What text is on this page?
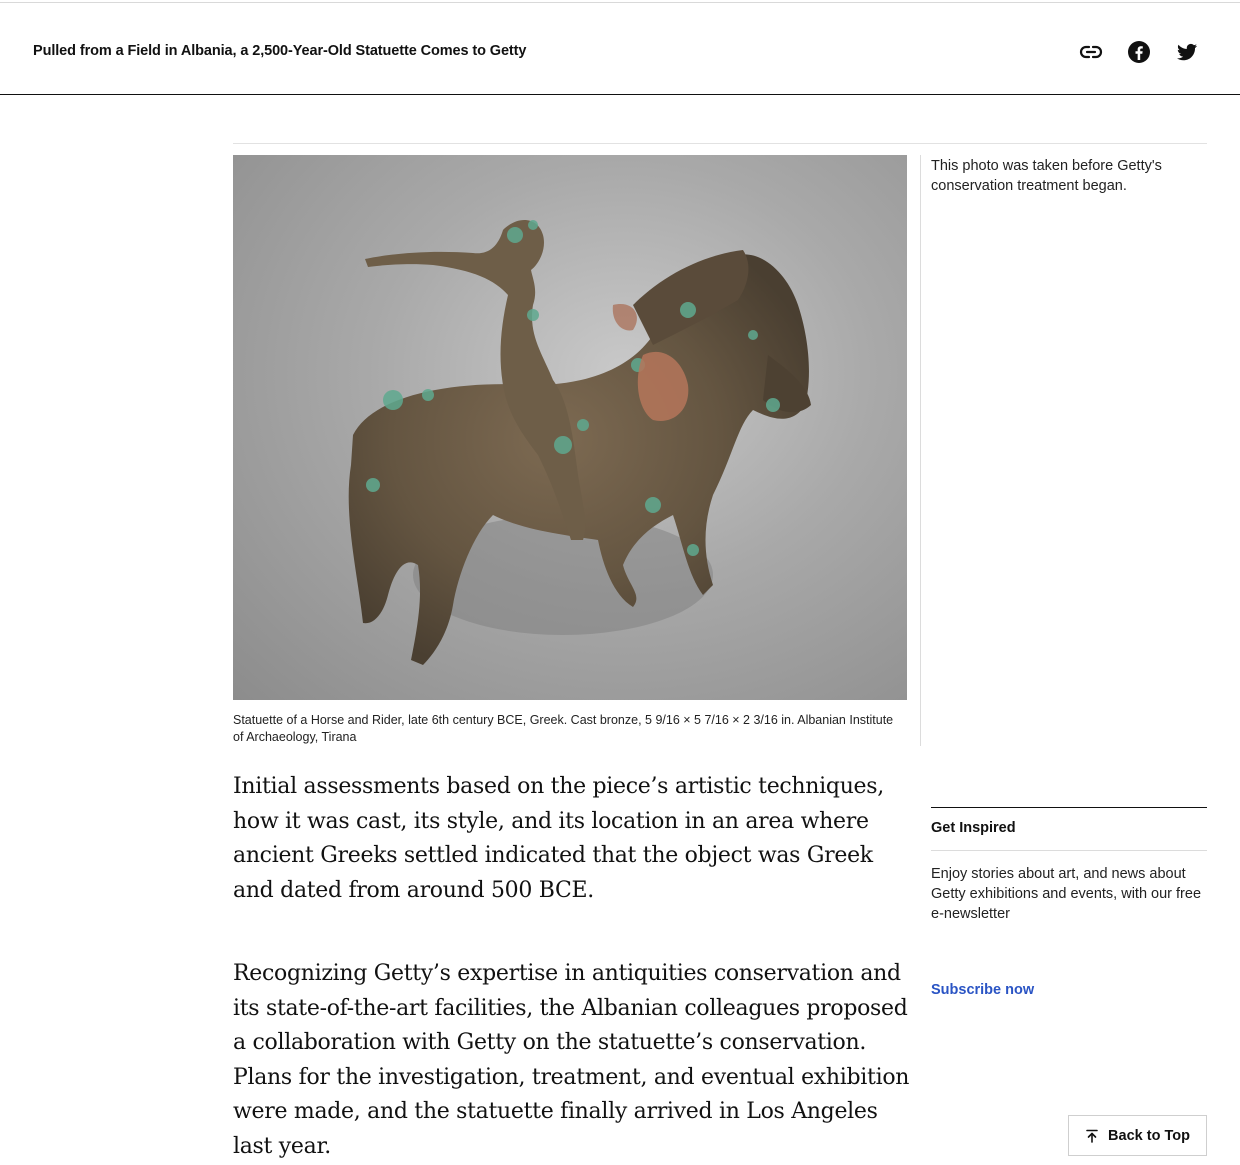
Pulled from a Field in Albania, a 2,500-Year-Old Statuette Comes to Getty
This photo was taken before Getty's conservation treatment began.
Statuette of a Horse and Rider, late 6th century BCE, Greek. Cast bronze, 5 9/16 × 5 7/16 × 2 3/16 in. Albanian Institute of Archaeology, Tirana

Initial assessments based on the piece’s artistic techniques, how it was cast, its style, and its location in an area where ancient Greeks settled indicated that the object was Greek and dated from around 500 BCE.

Recognizing Getty’s expertise in antiquities conservation and its state-of-the-art facilities, the Albanian colleagues proposed a collaboration with Getty on the statuette’s conservation. Plans for the investigation, treatment, and eventual exhibition were made, and the statuette finally arrived in Los Angeles last year.

Get Inspired
Enjoy stories about art, and news about Getty exhibitions and events, with our free e-newsletter
Subscribe now
Back to Top
